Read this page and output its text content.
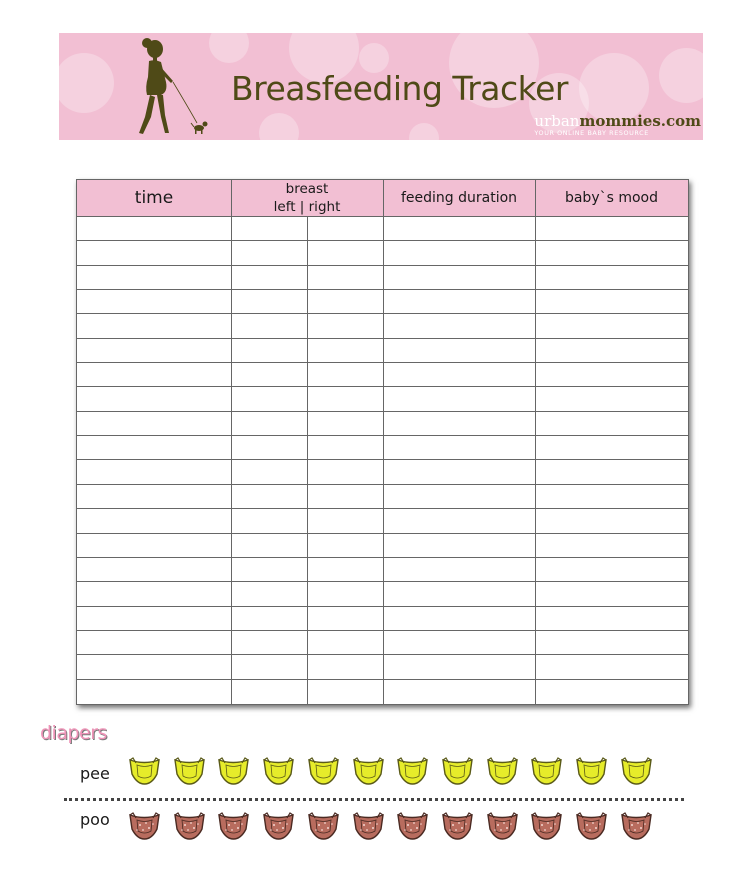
Breasfeeding Tracker
urbanmommies.com
YOUR ONLINE BABY RESOURCE
time	breast
left | right
feeding duration	baby`s mood
diapers
pee
poo
